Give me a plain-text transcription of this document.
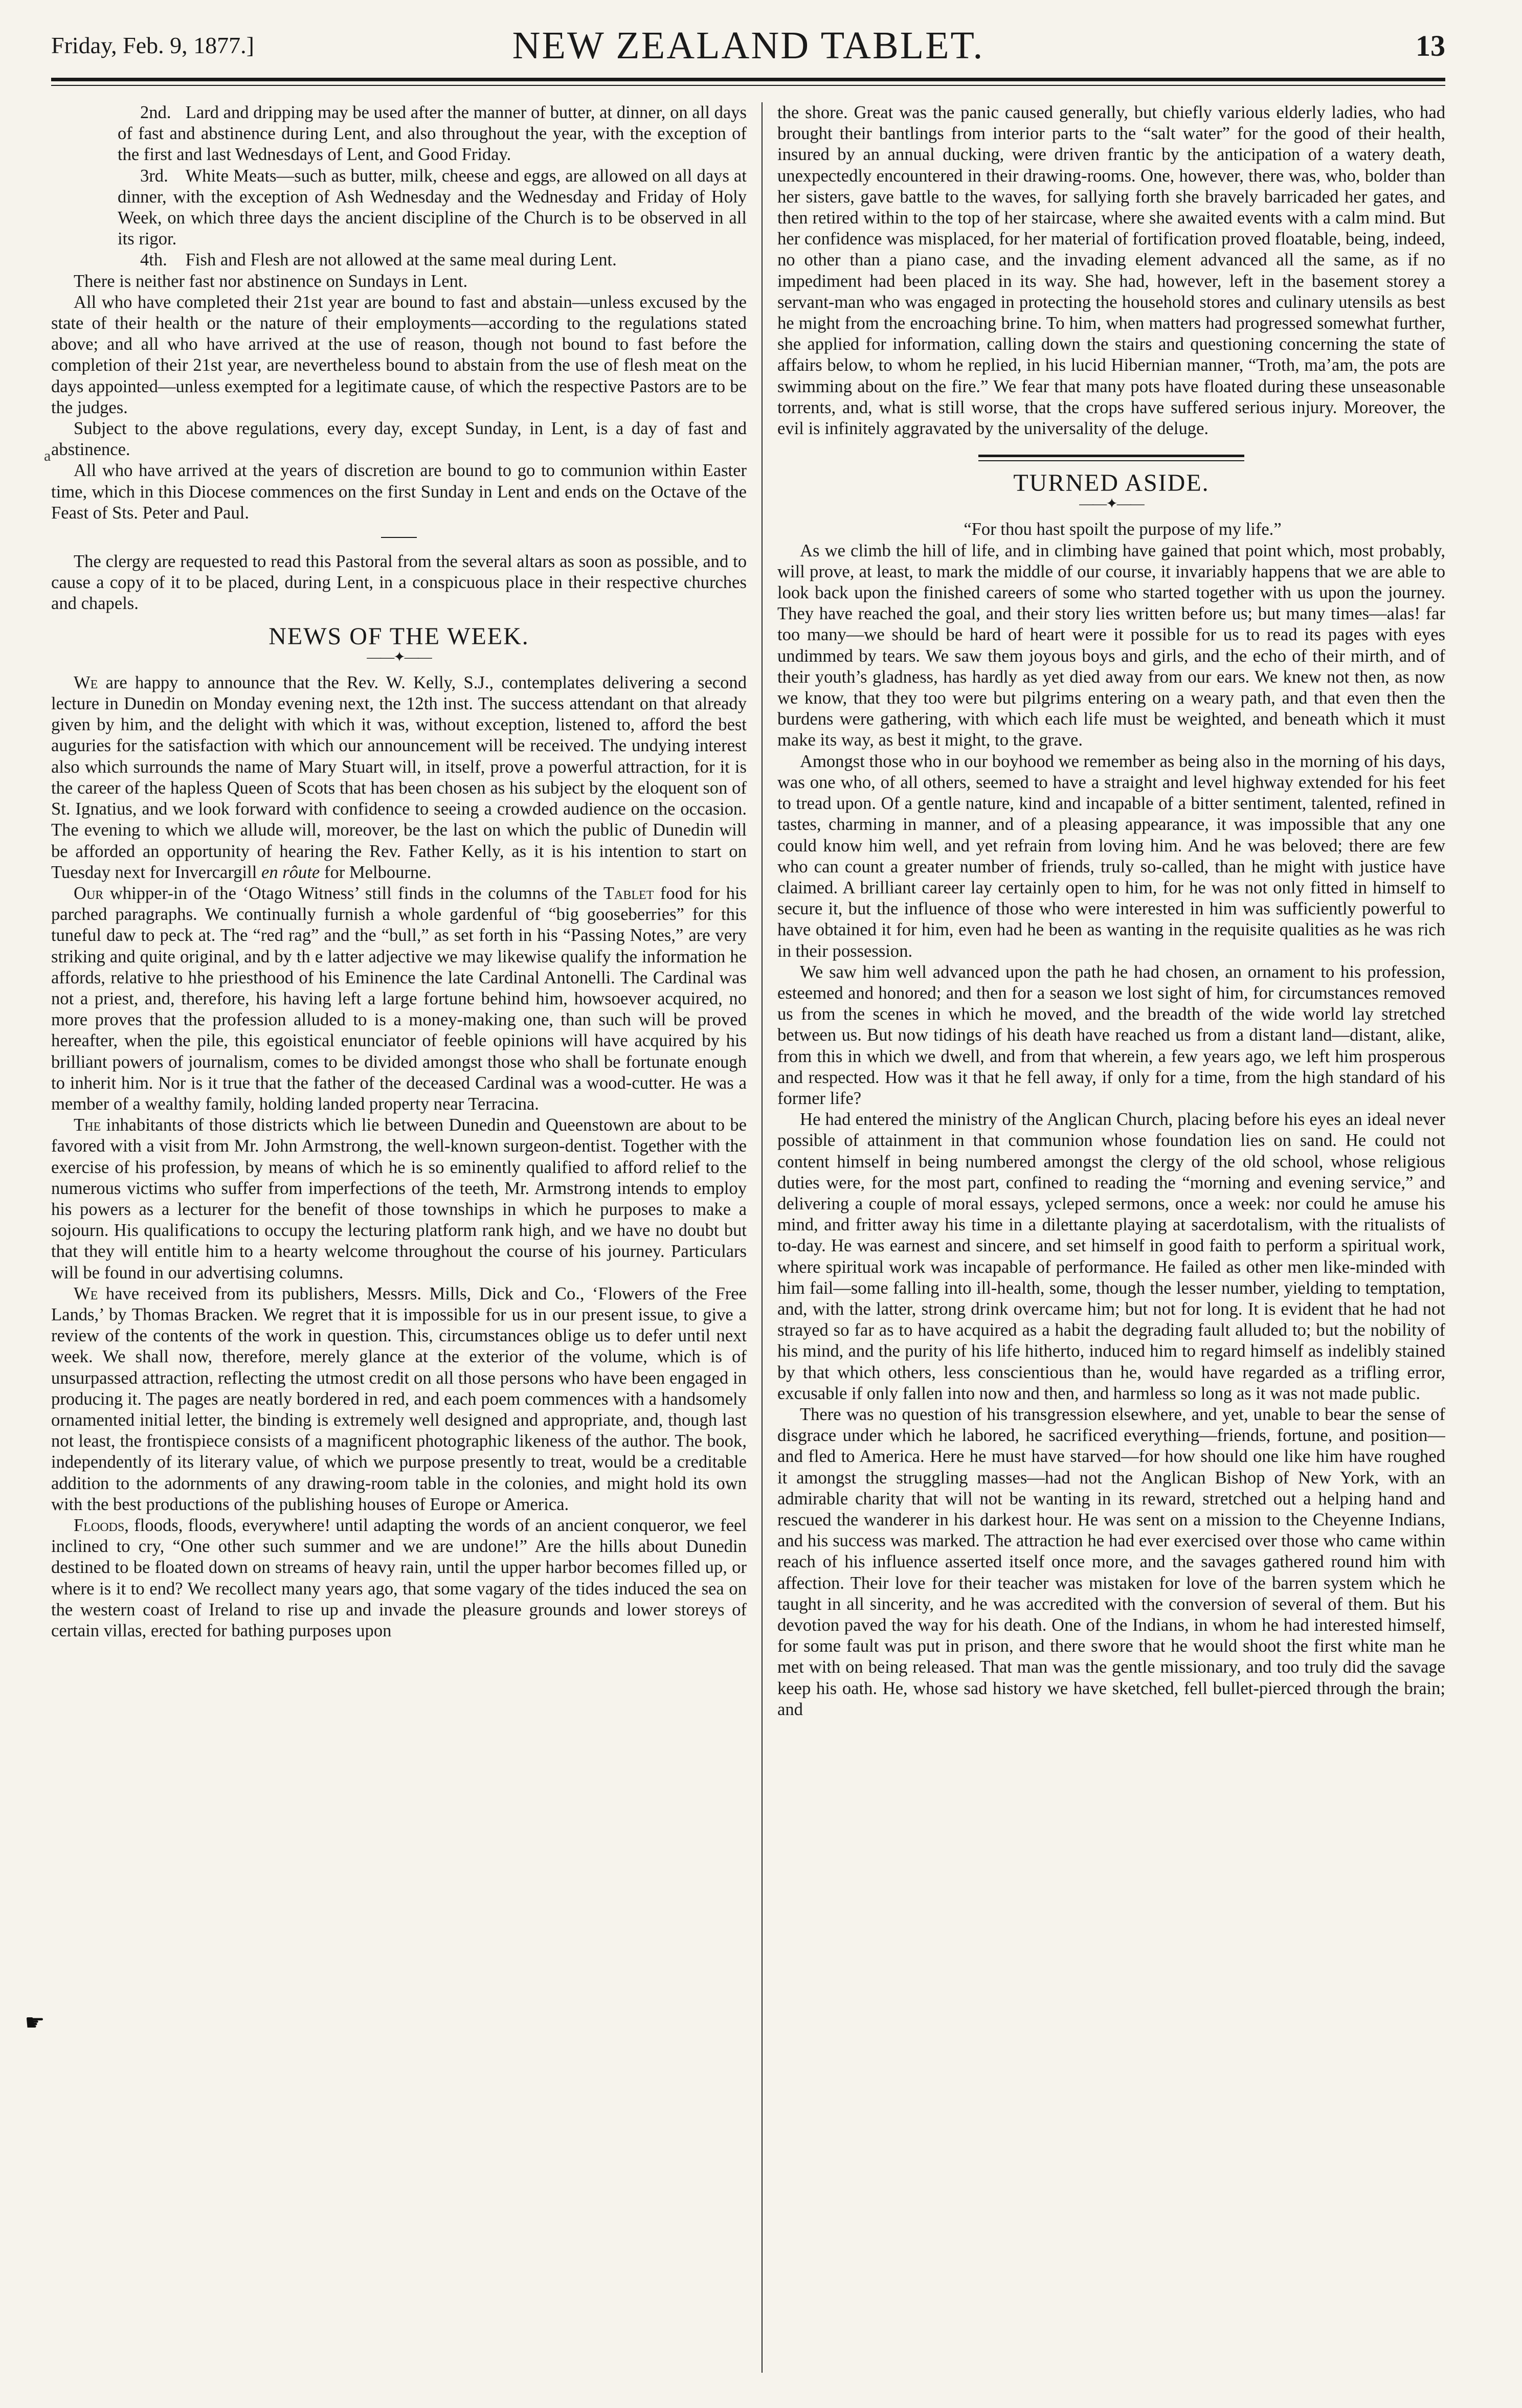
Friday, Feb. 9, 1877.]	NEW ZEALAND TABLET.	13
a
☛

2nd. Lard and dripping may be used after the manner of butter, at dinner, on all days of fast and abstinence during Lent, and also throughout the year, with the exception of the first and last Wednesdays of Lent, and Good Friday.

3rd. White Meats—such as butter, milk, cheese and eggs, are allowed on all days at dinner, with the exception of Ash Wednesday and the Wednesday and Friday of Holy Week, on which three days the ancient discipline of the Church is to be observed in all its rigor.

4th. Fish and Flesh are not allowed at the same meal during Lent.

There is neither fast nor abstinence on Sundays in Lent.

All who have completed their 21st year are bound to fast and abstain—unless excused by the state of their health or the nature of their employments—according to the regulations stated above; and all who have arrived at the use of reason, though not bound to fast before the completion of their 21st year, are nevertheless bound to abstain from the use of flesh meat on the days appointed—unless exempted for a legitimate cause, of which the respective Pastors are to be the judges.

Subject to the above regulations, every day, except Sunday, in Lent, is a day of fast and abstinence.

All who have arrived at the years of discretion are bound to go to communion within Easter time, which in this Diocese commences on the first Sunday in Lent and ends on the Octave of the Feast of Sts. Peter and Paul.

The clergy are requested to read this Pastoral from the several altars as soon as possible, and to cause a copy of it to be placed, during Lent, in a conspicuous place in their respective churches and chapels.

NEWS OF THE WEEK.
——✦——

We are happy to announce that the Rev. W. Kelly, S.J., contemplates delivering a second lecture in Dunedin on Monday evening next, the 12th inst. The success attendant on that already given by him, and the delight with which it was, without exception, listened to, afford the best auguries for the satisfaction with which our announcement will be received. The undying interest also which surrounds the name of Mary Stuart will, in itself, prove a powerful attraction, for it is the career of the hapless Queen of Scots that has been chosen as his subject by the eloquent son of St. Ignatius, and we look forward with confidence to seeing a crowded audience on the occasion. The evening to which we allude will, moreover, be the last on which the public of Dunedin will be afforded an opportunity of hearing the Rev. Father Kelly, as it is his intention to start on Tuesday next for Invercargill en rôute for Melbourne.

Our whipper-in of the ‘Otago Witness’ still finds in the columns of the Tablet food for his parched paragraphs. We continually furnish a whole gardenful of “big gooseberries” for this tuneful daw to peck at. The “red rag” and the “bull,” as set forth in his “Passing Notes,” are very striking and quite original, and by th e latter adjective we may likewise qualify the information he affords, relative to hhe priesthood of his Eminence the late Cardinal Antonelli. The Cardinal was not a priest, and, therefore, his having left a large fortune behind him, howsoever acquired, no more proves that the profession alluded to is a money-making one, than such will be proved hereafter, when the pile, this egoistical enunciator of feeble opinions will have acquired by his brilliant powers of journalism, comes to be divided amongst those who shall be fortunate enough to inherit him. Nor is it true that the father of the deceased Cardinal was a wood-cutter. He was a member of a wealthy family, holding landed property near Terracina.

The inhabitants of those districts which lie between Dunedin and Queenstown are about to be favored with a visit from Mr. John Armstrong, the well-known surgeon-dentist. Together with the exercise of his profession, by means of which he is so eminently qualified to afford relief to the numerous victims who suffer from imperfections of the teeth, Mr. Armstrong intends to employ his powers as a lecturer for the benefit of those townships in which he purposes to make a sojourn. His qualifications to occupy the lecturing platform rank high, and we have no doubt but that they will entitle him to a hearty welcome throughout the course of his journey. Particulars will be found in our advertising columns.

We have received from its publishers, Messrs. Mills, Dick and Co., ‘Flowers of the Free Lands,’ by Thomas Bracken. We regret that it is impossible for us in our present issue, to give a review of the contents of the work in question. This, circumstances oblige us to defer until next week. We shall now, therefore, merely glance at the exterior of the volume, which is of unsurpassed attraction, reflecting the utmost credit on all those persons who have been engaged in producing it. The pages are neatly bordered in red, and each poem commences with a handsomely ornamented initial letter, the binding is extremely well designed and appropriate, and, though last not least, the frontispiece consists of a magnificent photographic likeness of the author. The book, independently of its literary value, of which we purpose presently to treat, would be a creditable addition to the adornments of any drawing-room table in the colonies, and might hold its own with the best productions of the publishing houses of Europe or America.

Floods, floods, floods, everywhere! until adapting the words of an ancient conqueror, we feel inclined to cry, “One other such summer and we are undone!” Are the hills about Dunedin destined to be floated down on streams of heavy rain, until the upper harbor becomes filled up, or where is it to end? We recollect many years ago, that some vagary of the tides induced the sea on the western coast of Ireland to rise up and invade the pleasure grounds and lower storeys of certain villas, erected for bathing purposes upon

the shore. Great was the panic caused generally, but chiefly various elderly ladies, who had brought their bantlings from interior parts to the “salt water” for the good of their health, insured by an annual ducking, were driven frantic by the anticipation of a watery death, unexpectedly encountered in their drawing-rooms. One, however, there was, who, bolder than her sisters, gave battle to the waves, for sallying forth she bravely barricaded her gates, and then retired within to the top of her staircase, where she awaited events with a calm mind. But her confidence was misplaced, for her material of fortification proved floatable, being, indeed, no other than a piano case, and the invading element advanced all the same, as if no impediment had been placed in its way. She had, however, left in the basement storey a servant-man who was engaged in protecting the household stores and culinary utensils as best he might from the encroaching brine. To him, when matters had progressed somewhat further, she applied for information, calling down the stairs and questioning concerning the state of affairs below, to whom he replied, in his lucid Hibernian manner, “Troth, ma’am, the pots are swimming about on the fire.” We fear that many pots have floated during these unseasonable torrents, and, what is still worse, that the crops have suffered serious injury. Moreover, the evil is infinitely aggravated by the universality of the deluge.

TURNED ASIDE.
——✦——

“For thou hast spoilt the purpose of my life.”

As we climb the hill of life, and in climbing have gained that point which, most probably, will prove, at least, to mark the middle of our course, it invariably happens that we are able to look back upon the finished careers of some who started together with us upon the journey. They have reached the goal, and their story lies written before us; but many times—alas! far too many—we should be hard of heart were it possible for us to read its pages with eyes undimmed by tears. We saw them joyous boys and girls, and the echo of their mirth, and of their youth’s gladness, has hardly as yet died away from our ears. We knew not then, as now we know, that they too were but pilgrims entering on a weary path, and that even then the burdens were gathering, with which each life must be weighted, and beneath which it must make its way, as best it might, to the grave.

Amongst those who in our boyhood we remember as being also in the morning of his days, was one who, of all others, seemed to have a straight and level highway extended for his feet to tread upon. Of a gentle nature, kind and incapable of a bitter sentiment, talented, refined in tastes, charming in manner, and of a pleasing appearance, it was impossible that any one could know him well, and yet refrain from loving him. And he was beloved; there are few who can count a greater number of friends, truly so-called, than he might with justice have claimed. A brilliant career lay certainly open to him, for he was not only fitted in himself to secure it, but the influence of those who were interested in him was sufficiently powerful to have obtained it for him, even had he been as wanting in the requisite qualities as he was rich in their possession.

We saw him well advanced upon the path he had chosen, an ornament to his profession, esteemed and honored; and then for a season we lost sight of him, for circumstances removed us from the scenes in which he moved, and the breadth of the wide world lay stretched between us. But now tidings of his death have reached us from a distant land—distant, alike, from this in which we dwell, and from that wherein, a few years ago, we left him prosperous and respected. How was it that he fell away, if only for a time, from the high standard of his former life?

He had entered the ministry of the Anglican Church, placing before his eyes an ideal never possible of attainment in that communion whose foundation lies on sand. He could not content himself in being numbered amongst the clergy of the old school, whose religious duties were, for the most part, confined to reading the “morning and evening service,” and delivering a couple of moral essays, ycleped sermons, once a week: nor could he amuse his mind, and fritter away his time in a dilettante playing at sacerdotalism, with the ritualists of to-day. He was earnest and sincere, and set himself in good faith to perform a spiritual work, where spiritual work was incapable of performance. He failed as other men like-minded with him fail—some falling into ill-health, some, though the lesser number, yielding to temptation, and, with the latter, strong drink overcame him; but not for long. It is evident that he had not strayed so far as to have acquired as a habit the degrading fault alluded to; but the nobility of his mind, and the purity of his life hitherto, induced him to regard himself as indelibly stained by that which others, less conscientious than he, would have regarded as a trifling error, excusable if only fallen into now and then, and harmless so long as it was not made public.

There was no question of his transgression elsewhere, and yet, unable to bear the sense of disgrace under which he labored, he sacrificed everything—friends, fortune, and position—and fled to America. Here he must have starved—for how should one like him have roughed it amongst the struggling masses—had not the Anglican Bishop of New York, with an admirable charity that will not be wanting in its reward, stretched out a helping hand and rescued the wanderer in his darkest hour. He was sent on a mission to the Cheyenne Indians, and his success was marked. The attraction he had ever exercised over those who came within reach of his influence asserted itself once more, and the savages gathered round him with affection. Their love for their teacher was mistaken for love of the barren system which he taught in all sincerity, and he was accredited with the conversion of several of them. But his devotion paved the way for his death. One of the Indians, in whom he had interested himself, for some fault was put in prison, and there swore that he would shoot the first white man he met with on being released. That man was the gentle missionary, and too truly did the savage keep his oath. He, whose sad history we have sketched, fell bullet-pierced through the brain; and
